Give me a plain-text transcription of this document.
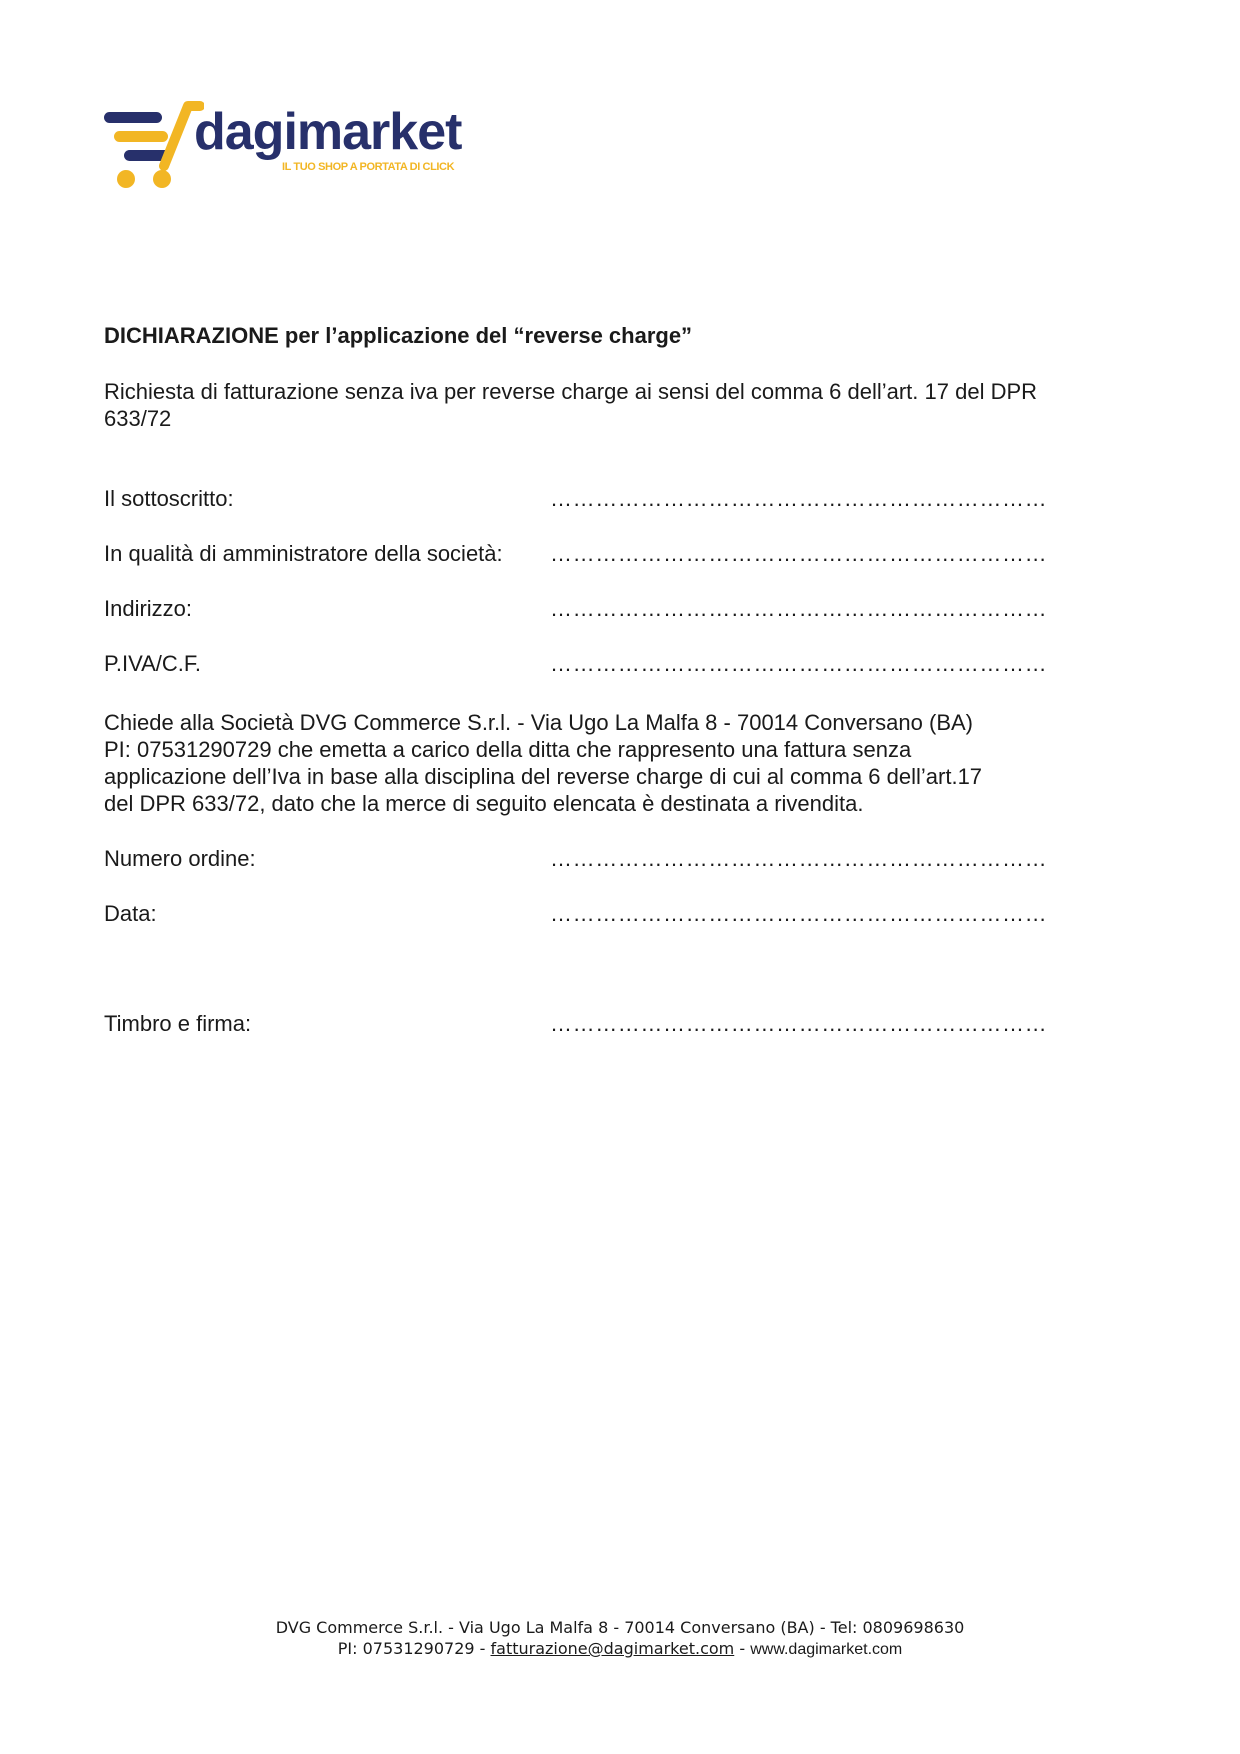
dagimarket
IL TUO SHOP A PORTATA DI CLICK
DICHIARAZIONE per l’applicazione del “reverse charge”

Richiesta di fatturazione senza iva per reverse charge ai sensi del comma 6 dell’art. 17 del DPR
633/72

Il sottoscritto:	…………………………………………………………
In qualità di amministratore della società: …………………………………………………………
Indirizzo:	…………………………………………………………
P.IVA/C.F.	…………………………………………………………

Chiede alla Società DVG Commerce S.r.l. - Via Ugo La Malfa 8 - 70014 Conversano (BA)
PI: 07531290729 che emetta a carico della ditta che rappresento una fattura senza
applicazione dell’Iva in base alla disciplina del reverse charge di cui al comma 6 dell’art.17
del DPR 633/72, dato che la merce di seguito elencata è destinata a rivendita.

Numero ordine:	…………………………………………………………
Data:	…………………………………………………………
Timbro e firma:	…………………………………………………………
DVG Commerce S.r.l. - Via Ugo La Malfa 8 - 70014 Conversano (BA) - Tel: 0809698630
PI: 07531290729 - fatturazione@dagimarket.com - www.dagimarket.com
